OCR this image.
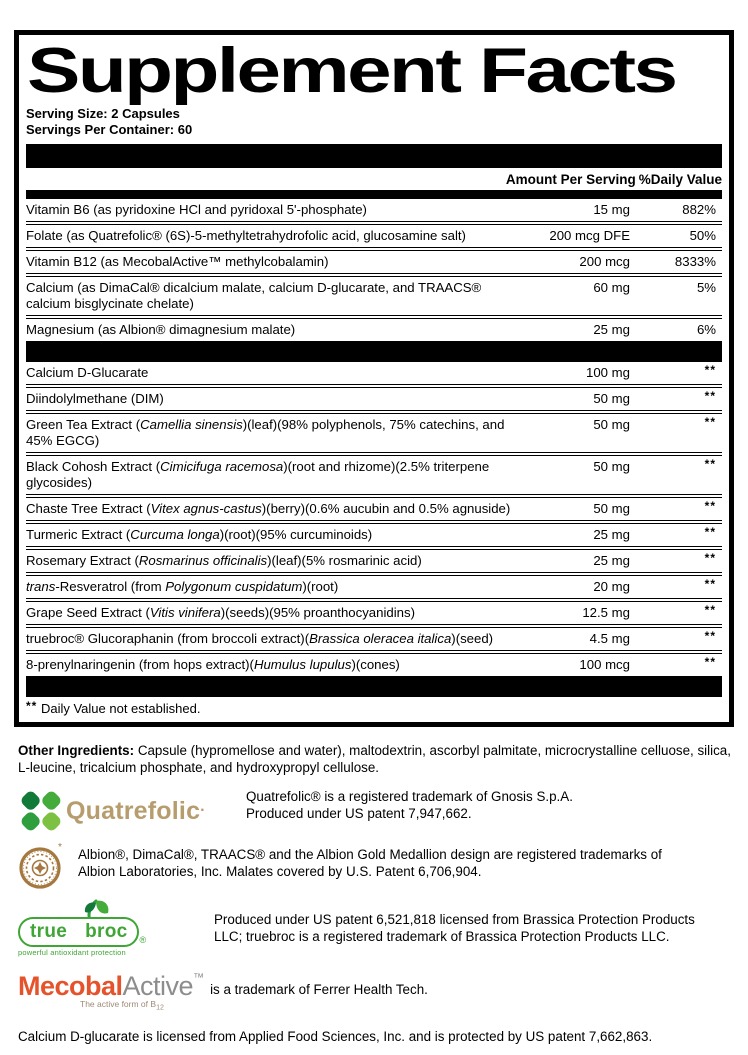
Supplement Facts
Serving Size: 2 Capsules
Servings Per Container: 60
Amount Per Serving %Daily Value
Vitamin B6 (as pyridoxine HCl and pyridoxal 5'-phosphate)	15 mg	882%
Folate (as Quatrefolic® (6S)-5-methyltetrahydrofolic acid, glucosamine salt)	200 mcg DFE	50%
Vitamin B12 (as MecobalActive™ methylcobalamin)	200 mcg	8333%
Calcium (as DimaCal® dicalcium malate, calcium D-glucarate, and TRAACS® calcium bisglycinate chelate)
60 mg	5%
Magnesium (as Albion® dimagnesium malate)	25 mg	6%
Calcium D-Glucarate	100 mg	**
Diindolylmethane (DIM)	50 mg	**
Green Tea Extract (Camellia sinensis)(leaf)(98% polyphenols, 75% catechins, and 45% EGCG)
50 mg	**
Black Cohosh Extract (Cimicifuga racemosa)(root and rhizome)(2.5% triterpene glycosides)
50 mg	**
Chaste Tree Extract (Vitex agnus-castus)(berry)(0.6% aucubin and 0.5% agnuside)	50 mg	**
Turmeric Extract (Curcuma longa)(root)(95% curcuminoids)	25 mg	**
Rosemary Extract (Rosmarinus officinalis)(leaf)(5% rosmarinic acid)	25 mg	**
trans-Resveratrol (from Polygonum cuspidatum)(root)	20 mg	**
Grape Seed Extract (Vitis vinifera)(seeds)(95% proanthocyanidins)	12.5 mg	**
truebroc® Glucoraphanin (from broccoli extract)(Brassica oleracea italica)(seed)	4.5 mg	**
8-prenylnaringenin (from hops extract)(Humulus lupulus)(cones)	100 mcg	**
** Daily Value not established.

Other Ingredients: Capsule (hypromellose and water), maltodextrin, ascorbyl palmitate, microcrystalline celluose, silica, L-leucine, tricalcium phosphate, and hydroxypropyl cellulose.

Quatrefolic ·
Quatrefolic® is a registered trademark of Gnosis S.p.A.
Produced under US patent 7,947,662.
* Albion®, DimaCal®, TRAACS® and the Albion Gold Medallion design are registered trademarks of Albion Laboratories, Inc. Malates covered by U.S. Patent 6,706,904.
true broc $_®$
powerful antioxidant protection
Produced under US patent 6,521,818 licensed from Brassica Protection Products LLC; truebroc is a registered trademark of Brassica Protection Products LLC.
MecobalActive™
The active form of $B_{12}$
is a trademark of Ferrer Health Tech.

Calcium D-glucarate is licensed from Applied Food Sciences, Inc. and is protected by US patent 7,662,863.
